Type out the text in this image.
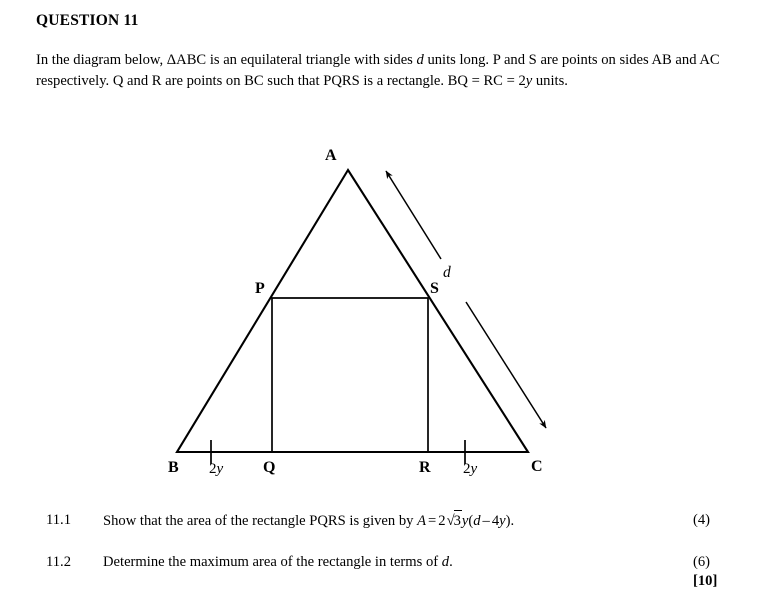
QUESTION 11
In the diagram below, ΔABC is an equilateral triangle with sides d units long. P and S are points on sides AB and AC respectively. Q and R are points on BC such that PQRS is a rectangle. BQ = RC = 2y units.
d
A
B	C
P	S
Q	R
2y	2y
11.1	Show that the area of the rectangle PQRS is given by A = 2√3y(d – 4y).	(4)
11.2	Determine the maximum area of the rectangle in terms of d.	(6)
[10]
